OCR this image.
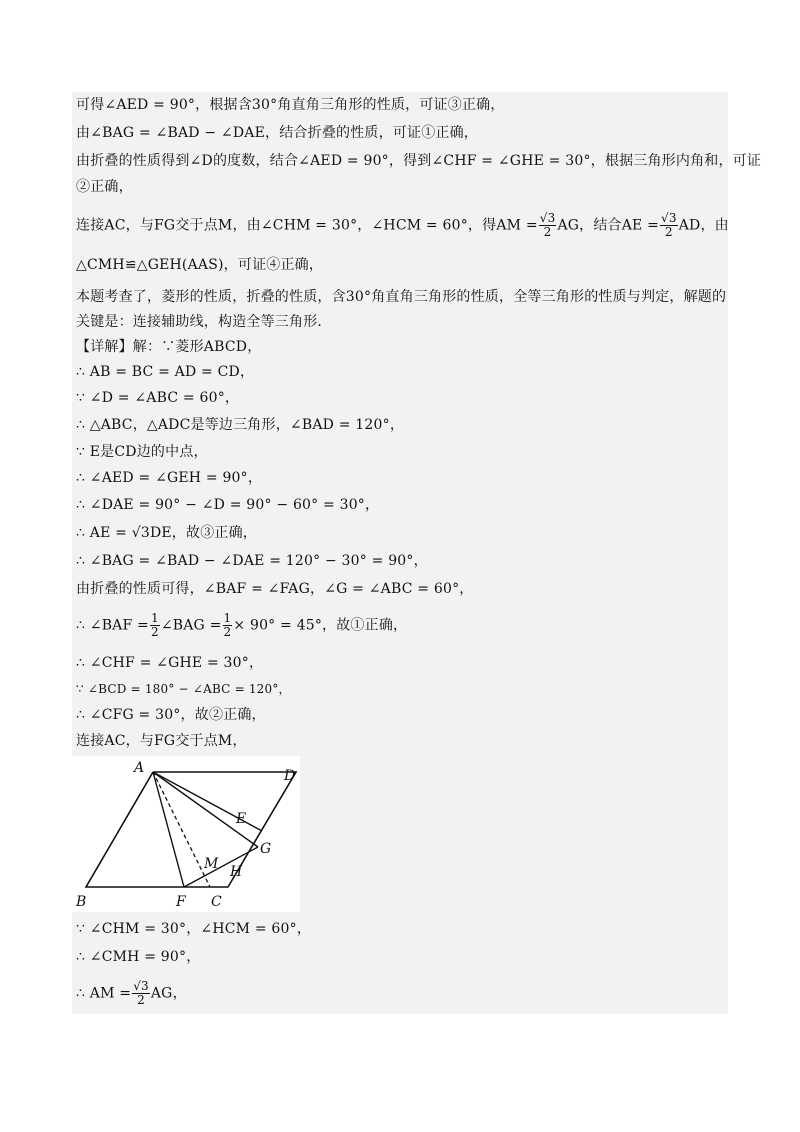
可得∠AED = 90°，根据含30°角直角三角形的性质，可证③正确，
由∠BAG = ∠BAD − ∠DAE，结合折叠的性质，可证①正确，
由折叠的性质得到∠D的度数，结合∠AED = 90°，得到∠CHF = ∠GHE = 30°，根据三角形内角和，可证
②正确，
连接AC，与FG交于点M，由∠CHM = 30°，∠HCM = 60°，得AM = $\frac{√3}{2}$ AG，结合AE = $\frac{√3}{2}$ AD，由
△CMH≌△GEH(AAS)，可证④正确，
本题考查了，菱形的性质，折叠的性质，含30°角直角三角形的性质，全等三角形的性质与判定，解题的
关键是：连接辅助线，构造全等三角形.
【详解】解：∵菱形ABCD，
∴ AB = BC = AD = CD，
∵ ∠D = ∠ABC = 60°，
∴ △ABC，△ADC是等边三角形，∠BAD = 120°，
∵ E是CD边的中点，
∴ ∠AED = ∠GEH = 90°，
∴ ∠DAE = 90° − ∠D = 90° − 60° = 30°，
∴ AE = √3DE，故③正确，
∴ ∠BAG = ∠BAD − ∠DAE = 120° − 30° = 90°，
由折叠的性质可得，∠BAF = ∠FAG，∠G = ∠ABC = 60°，
∴ ∠BAF = $\frac{1}{2}$ ∠BAG = $\frac{1}{2} \times 90^\circ = 45^\circ$，故①正确，
∴ ∠CHF = ∠GHE = 30°，
∵ ∠BCD = 180° − ∠ABC = 120°，
∴ ∠CFG = 30°，故②正确，
连接AC，与FG交于点M，
A	D
B	F C
E
G
M H
∵ ∠CHM = 30°，∠HCM = 60°，
∴ ∠CMH = 90°，
∴ AM = $\frac{√3}{2}$ AG，
